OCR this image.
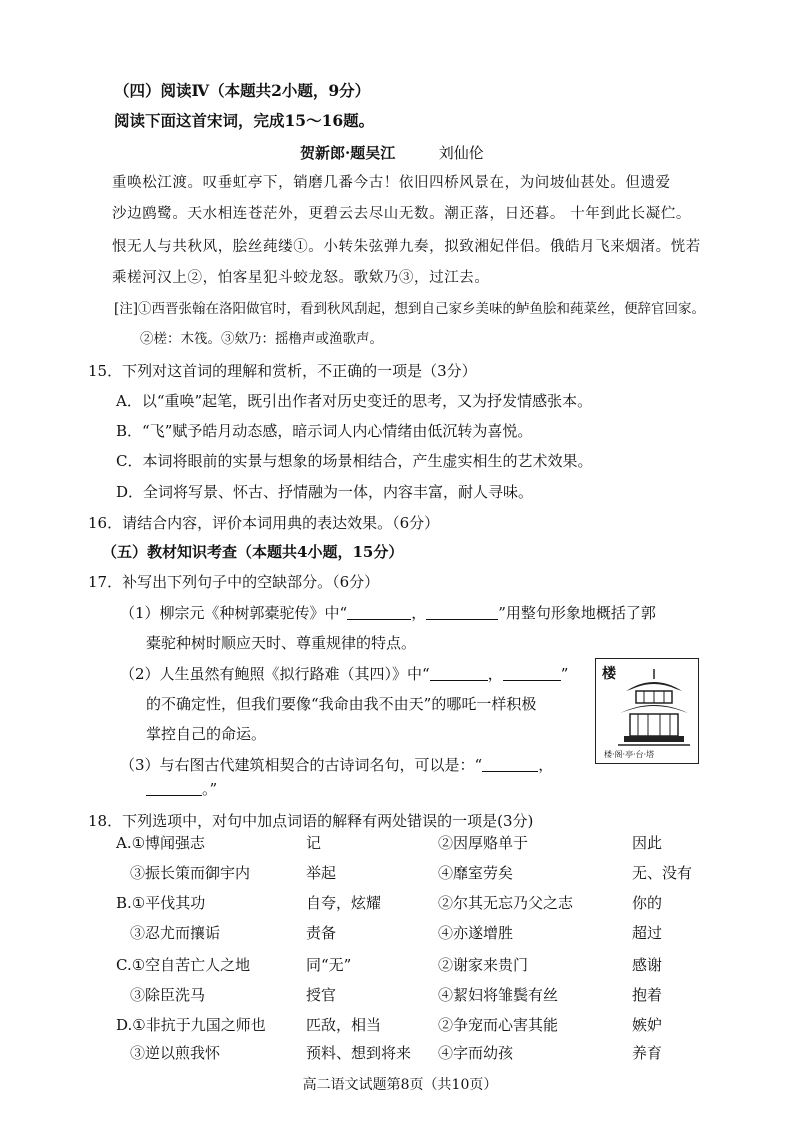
（四）阅读Ⅳ（本题共2小题，9分）
阅读下面这首宋词，完成15～16题。
贺新郎·题吴江	刘仙伦
重唤松江渡。叹垂虹亭下，销磨几番今古！依旧四桥风景在，为问坡仙甚处。但遗爱
沙边鸥鹭。天水相连苍茫外，更碧云去尽山无数。潮正落，日还暮。 十年到此长凝伫。
恨无人与共秋风，脍丝莼缕①。小转朱弦弹九奏，拟致湘妃伴侣。俄皓月飞来烟渚。恍若
乘槎河汉上②，怕客星犯斗蛟龙怒。歌欸乃③，过江去。
[注]①西晋张翰在洛阳做官时，看到秋风刮起，想到自己家乡美味的鲈鱼脍和莼菜丝，便辞官回家。
②槎：木筏。③欸乃：摇橹声或渔歌声。
15．下列对这首词的理解和赏析，不正确的一项是（3分）
A．以“重唤”起笔，既引出作者对历史变迁的思考，又为抒发情感张本。
B．“飞”赋予皓月动态感，暗示词人内心情绪由低沉转为喜悦。
C．本词将眼前的实景与想象的场景相结合，产生虚实相生的艺术效果。
D．全词将写景、怀古、抒情融为一体，内容丰富，耐人寻味。
16．请结合内容，评价本词用典的表达效果。（6分）
（五）教材知识考查（本题共4小题，15分）
17．补写出下列句子中的空缺部分。（6分）
（1）柳宗元《种树郭橐驼传》中“	，	”用整句形象地概括了郭
橐驼种树时顺应天时、尊重规律的特点。
（2）人生虽然有鲍照《拟行路难（其四）》中“	，	”
的不确定性，但我们要像“我命由我不由天”的哪吒一样积极
掌控自己的命运。
（3）与右图古代建筑相契合的古诗词名句，可以是：“	，
。”
楼
楼·阁·亭·台·塔
18．下列选项中，对句中加点词语的解释有两处错误的一项是(3分)
A.①博闻强志	记	②因厚赂单于	因此
③振长策而御宇内	举起	④靡室劳矣	无、没有
B.①平伐其功	自夸，炫耀	②尔其无忘乃父之志	你的
③忍尤而攘诟	责备	④亦遂增胜	超过
C.①空自苦亡人之地	同“无”	②谢家来贵门	感谢
③除臣洗马	授官	④絜妇将雏鬓有丝	抱着
D.①非抗于九国之师也	匹敌，相当	②争宠而心害其能	嫉妒
③逆以煎我怀	预料、想到将来 ④字而幼孩	养育
高二语文试题第8页（共10页）
